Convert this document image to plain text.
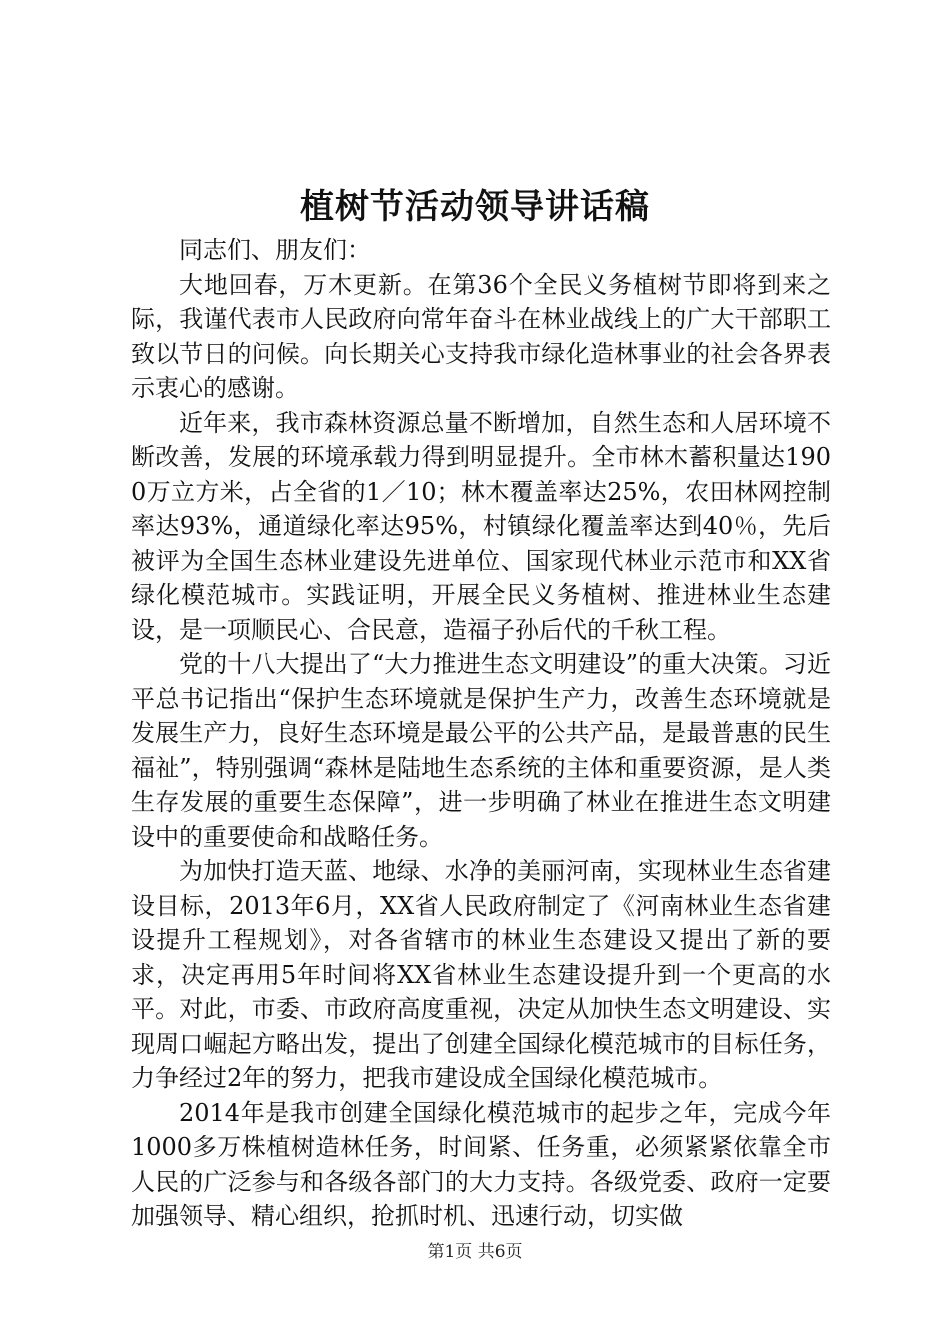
植树节活动领导讲话稿

同志们、朋友们：

大地回春，万木更新。在第36个全民义务植树节即将到来之际，我谨代表市人民政府向常年奋斗在林业战线上的广大干部职工致以节日的问候。向长期关心支持我市绿化造林事业的社会各界表示衷心的感谢。

近年来，我市森林资源总量不断增加，自然生态和人居环境不断改善，发展的环境承载力得到明显提升。全市林木蓄积量达1900万立方米，占全省的1／10；林木覆盖率达25%，农田林网控制率达93%，通道绿化率达95%，村镇绿化覆盖率达到40％，先后被评为全国生态林业建设先进单位、国家现代林业示范市和XX省绿化模范城市。实践证明，开展全民义务植树、推进林业生态建设，是一项顺民心、合民意，造福子孙后代的千秋工程。

党的十八大提出了“大力推进生态文明建设”的重大决策。习近平总书记指出“保护生态环境就是保护生产力，改善生态环境就是发展生产力，良好生态环境是最公平的公共产品，是最普惠的民生福祉”，特别强调“森林是陆地生态系统的主体和重要资源，是人类生存发展的重要生态保障”，进一步明确了林业在推进生态文明建设中的重要使命和战略任务。

为加快打造天蓝、地绿、水净的美丽河南，实现林业生态省建设目标，2013年6月，XX省人民政府制定了《河南林业生态省建设提升工程规划》，对各省辖市的林业生态建设又提出了新的要求，决定再用5年时间将XX省林业生态建设提升到一个更高的水平。对此，市委、市政府高度重视，决定从加快生态文明建设、实现周口崛起方略出发，提出了创建全国绿化模范城市的目标任务，力争经过2年的努力，把我市建设成全国绿化模范城市。

2014年是我市创建全国绿化模范城市的起步之年，完成今年1000多万株植树造林任务，时间紧、任务重，必须紧紧依靠全市人民的广泛参与和各级各部门的大力支持。各级党委、政府一定要加强领导、精心组织，抢抓时机、迅速行动，切实做

第1页 共6页
